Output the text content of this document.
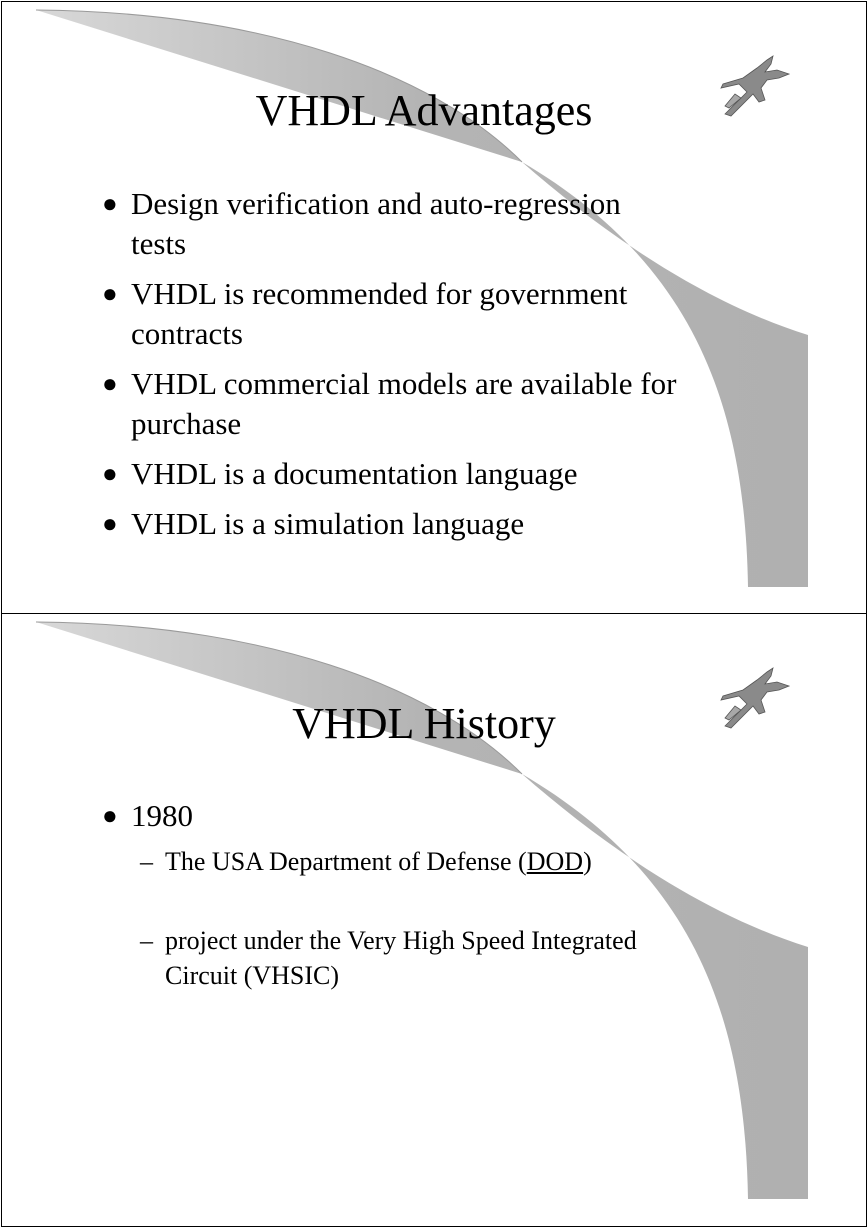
VHDL Advantages
● Design verification and auto-regression
tests
● VHDL is recommended for government
contracts
● VHDL commercial models are available for
purchase
● VHDL is a documentation language
● VHDL is a simulation language
VHDL History
● 1980
– The USA Department of Defense (DOD)
– project under the Very High Speed Integrated
Circuit (VHSIC)
